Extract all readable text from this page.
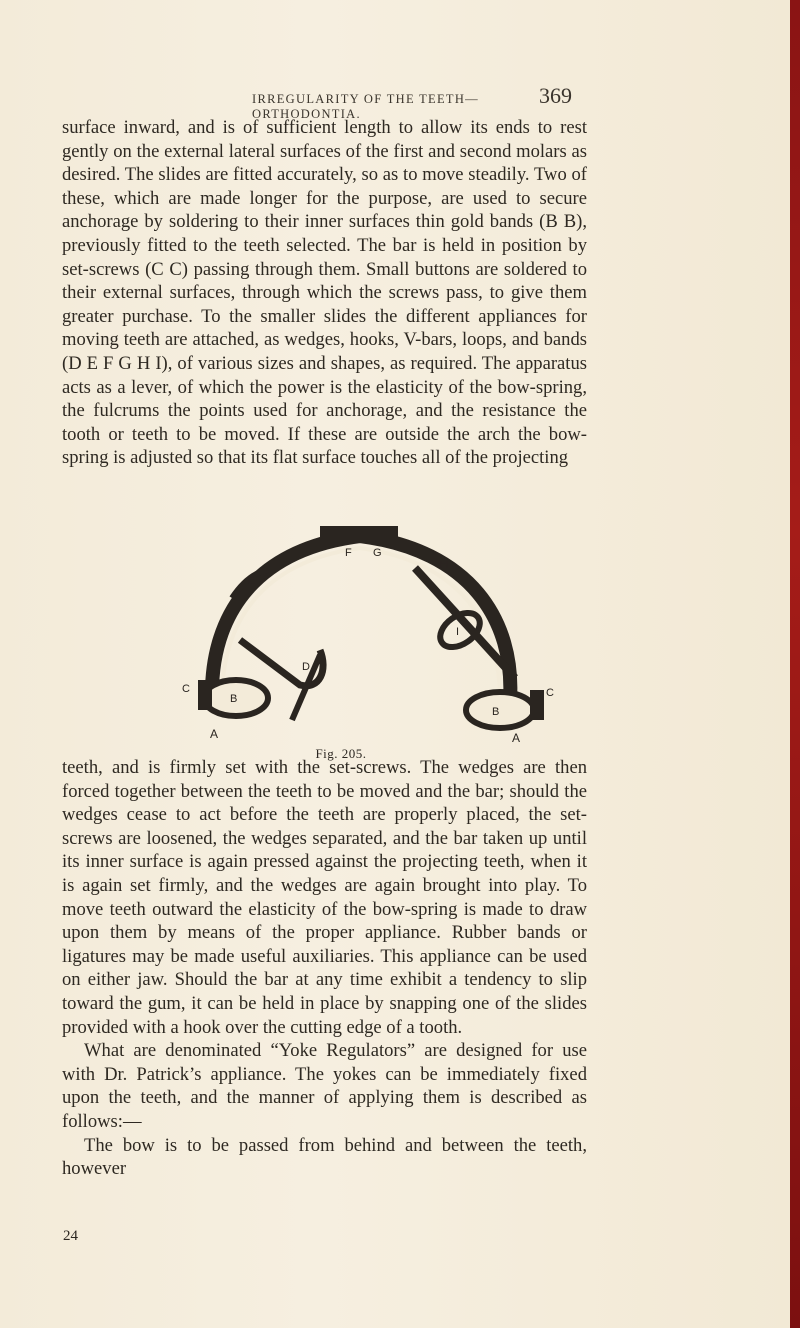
IRREGULARITY OF THE TEETH—ORTHODONTIA.
369

surface inward, and is of sufficient length to allow its ends to rest gently on the external lateral surfaces of the first and second molars as desired. The slides are fitted accurately, so as to move steadily. Two of these, which are made longer for the purpose, are used to secure anchorage by soldering to their inner surfaces thin gold bands (B B), previously fitted to the teeth selected. The bar is held in position by set-screws (C C) passing through them. Small buttons are soldered to their external surfaces, through which the screws pass, to give them greater purchase. To the smaller slides the different appliances for moving teeth are attached, as wedges, hooks, V-bars, loops, and bands (D E F G H I), of various sizes and shapes, as required. The apparatus acts as a lever, of which the power is the elasticity of the bow-spring, the fulcrums the points used for anchorage, and the resistance the tooth or teeth to be moved. If these are outside the arch the bow-spring is adjusted so that its flat surface touches all of the projecting

F G
H
E
I
D
C
B
B
C
A	A
Fig. 205.

teeth, and is firmly set with the set-screws. The wedges are then forced together between the teeth to be moved and the bar; should the wedges cease to act before the teeth are properly placed, the set-screws are loosened, the wedges separated, and the bar taken up until its inner surface is again pressed against the projecting teeth, when it is again set firmly, and the wedges are again brought into play. To move teeth outward the elasticity of the bow-spring is made to draw upon them by means of the proper appliance. Rubber bands or ligatures may be made useful auxiliaries. This appliance can be used on either jaw. Should the bar at any time exhibit a tendency to slip toward the gum, it can be held in place by snapping one of the slides provided with a hook over the cutting edge of a tooth.

What are denominated “Yoke Regulators” are designed for use with Dr. Patrick’s appliance. The yokes can be immediately fixed upon the teeth, and the manner of applying them is described as follows:—

The bow is to be passed from behind and between the teeth, however

24
